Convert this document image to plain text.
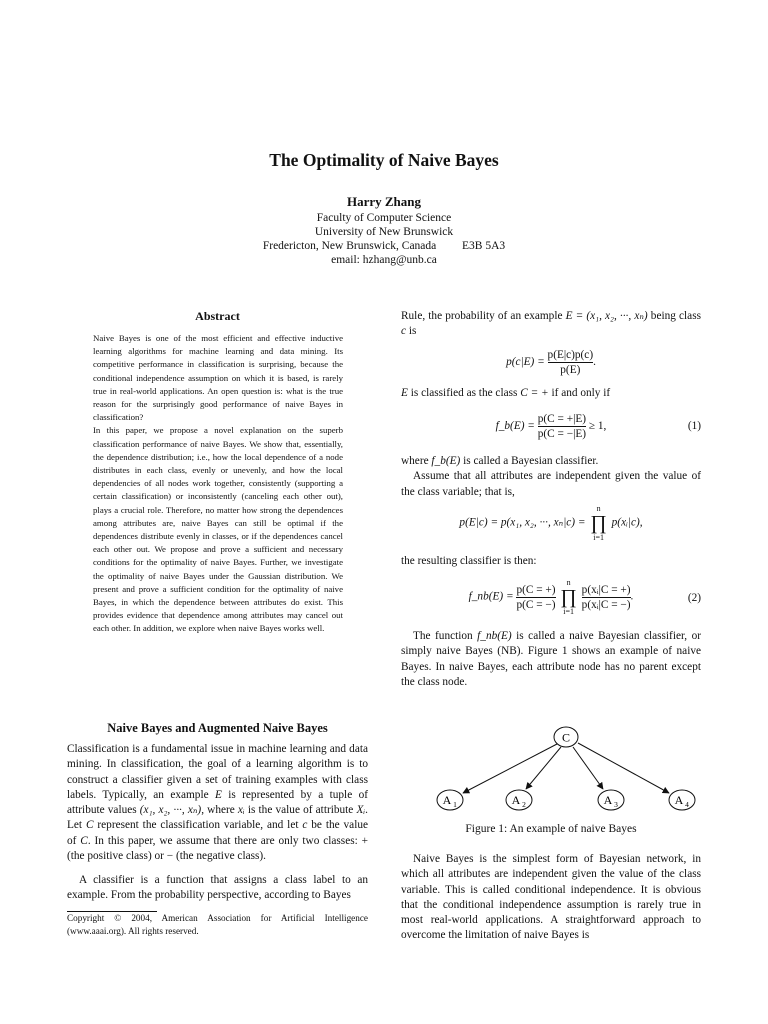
The Optimality of Naive Bayes
Harry Zhang
Faculty of Computer Science
University of New Brunswick
Fredericton, New Brunswick, Canada E3B 5A3
email: hzhang@unb.ca
Abstract

Naive Bayes is one of the most efficient and effective inductive learning algorithms for machine learning and data mining. Its competitive performance in classification is surprising, because the conditional independence assumption on which it is based, is rarely true in real-world applications. An open question is: what is the true reason for the surprisingly good performance of naive Bayes in classification?

In this paper, we propose a novel explanation on the superb classification performance of naive Bayes. We show that, essentially, the dependence distribution; i.e., how the local dependence of a node distributes in each class, evenly or unevenly, and how the local dependencies of all nodes work together, consistently (supporting a certain classification) or inconsistently (canceling each other out), plays a crucial role. Therefore, no matter how strong the dependences among attributes are, naive Bayes can still be optimal if the dependences distribute evenly in classes, or if the dependences cancel each other out. We propose and prove a sufficient and necessary conditions for the optimality of naive Bayes. Further, we investigate the optimality of naive Bayes under the Gaussian distribution. We present and prove a sufficient condition for the optimality of naive Bayes, in which the dependence between attributes do exist. This provides evidence that dependence among attributes may cancel out each other. In addition, we explore when naive Bayes works well.

Naive Bayes and Augmented Naive Bayes

Classification is a fundamental issue in machine learning and data mining. In classification, the goal of a learning algorithm is to construct a classifier given a set of training examples with class labels. Typically, an example E is represented by a tuple of attribute values (x₁, x₂, ···, xₙ), where xᵢ is the value of attribute Xᵢ. Let C represent the classification variable, and let c be the value of C. In this paper, we assume that there are only two classes: + (the positive class) or − (the negative class).

A classifier is a function that assigns a class label to an example. From the probability perspective, according to Bayes
Copyright © 2004, American Association for Artificial Intelligence (www.aaai.org). All rights reserved.

Rule, the probability of an example E = (x₁, x₂, ···, xₙ) being class c is

$p(c|E) = \frac{p(E|c)p(c)}{p(E)}$ .

E is classified as the class C = + if and only if

f_b(E) = $\frac{p(C = +|E)}{p(C = -|E)} \ge 1$,	(1)

where f_b(E) is called a Bayesian classifier.

Assume that all attributes are independent given the value of the class variable; that is,

p(E|c) = p(x₁, x₂, ···, xₙ|c) =
n
∏
i=1
p(xᵢ|c),
the resulting classifier is then:
f_nb(E) = $\frac{p(C = +)}{p(C = -)}$
	n
∏
i=1
$\frac{\text{p(xᵢ|C = +)}}{\text{p(xᵢ|C = −)}}$ .	(2)
The function f_nb(E) is called a naive Bayesian classifier, or simply naive Bayes (NB). Figure 1 shows an example of naive Bayes. In naive Bayes, each attribute node has no parent except the class node.
C
A 1	A 2	A 3	A 4
Figure 1: An example of naive Bayes
Naive Bayes is the simplest form of Bayesian network, in which all attributes are independent given the value of the class variable. This is called conditional independence. It is obvious that the conditional independence assumption is rarely true in most real-world applications. A straightforward approach to overcome the limitation of naive Bayes is
